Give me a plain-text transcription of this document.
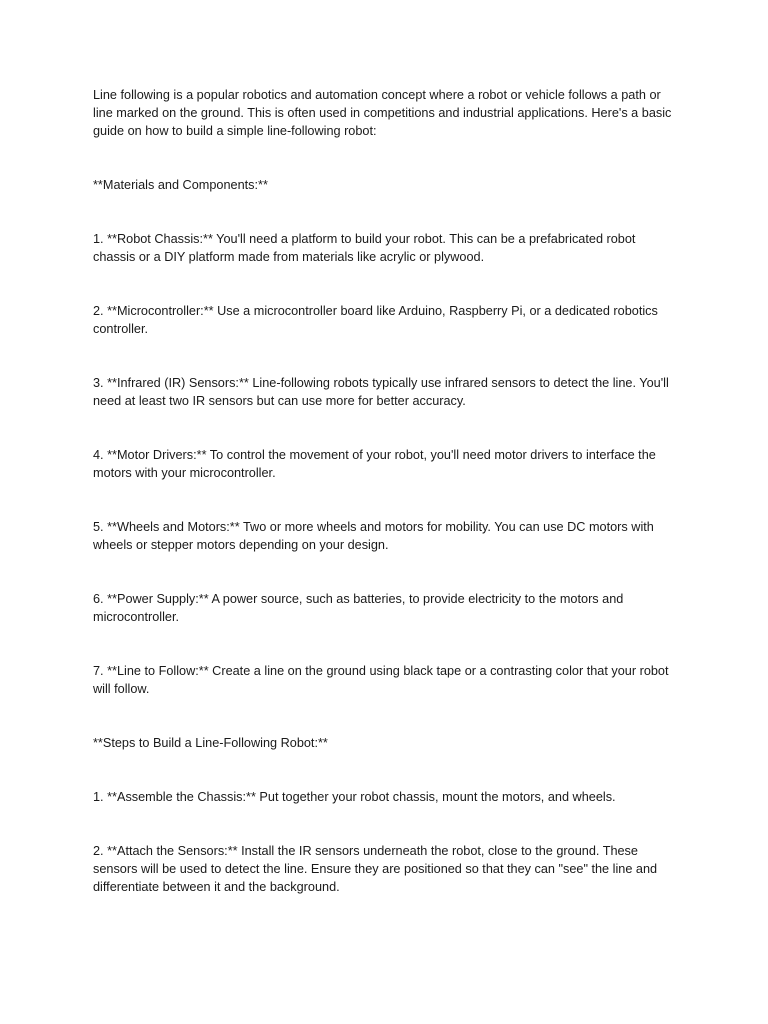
Line following is a popular robotics and automation concept where a robot or vehicle follows a path or line marked on the ground. This is often used in competitions and industrial applications. Here's a basic guide on how to build a simple line-following robot:

**Materials and Components:**

1. **Robot Chassis:** You'll need a platform to build your robot. This can be a prefabricated robot chassis or a DIY platform made from materials like acrylic or plywood.

2. **Microcontroller:** Use a microcontroller board like Arduino, Raspberry Pi, or a dedicated robotics controller.

3. **Infrared (IR) Sensors:** Line-following robots typically use infrared sensors to detect the line. You'll need at least two IR sensors but can use more for better accuracy.

4. **Motor Drivers:** To control the movement of your robot, you'll need motor drivers to interface the motors with your microcontroller.

5. **Wheels and Motors:** Two or more wheels and motors for mobility. You can use DC motors with wheels or stepper motors depending on your design.

6. **Power Supply:** A power source, such as batteries, to provide electricity to the motors and microcontroller.

7. **Line to Follow:** Create a line on the ground using black tape or a contrasting color that your robot will follow.

**Steps to Build a Line-Following Robot:**

1. **Assemble the Chassis:** Put together your robot chassis, mount the motors, and wheels.

2. **Attach the Sensors:** Install the IR sensors underneath the robot, close to the ground. These sensors will be used to detect the line. Ensure they are positioned so that they can "see" the line and differentiate between it and the background.
